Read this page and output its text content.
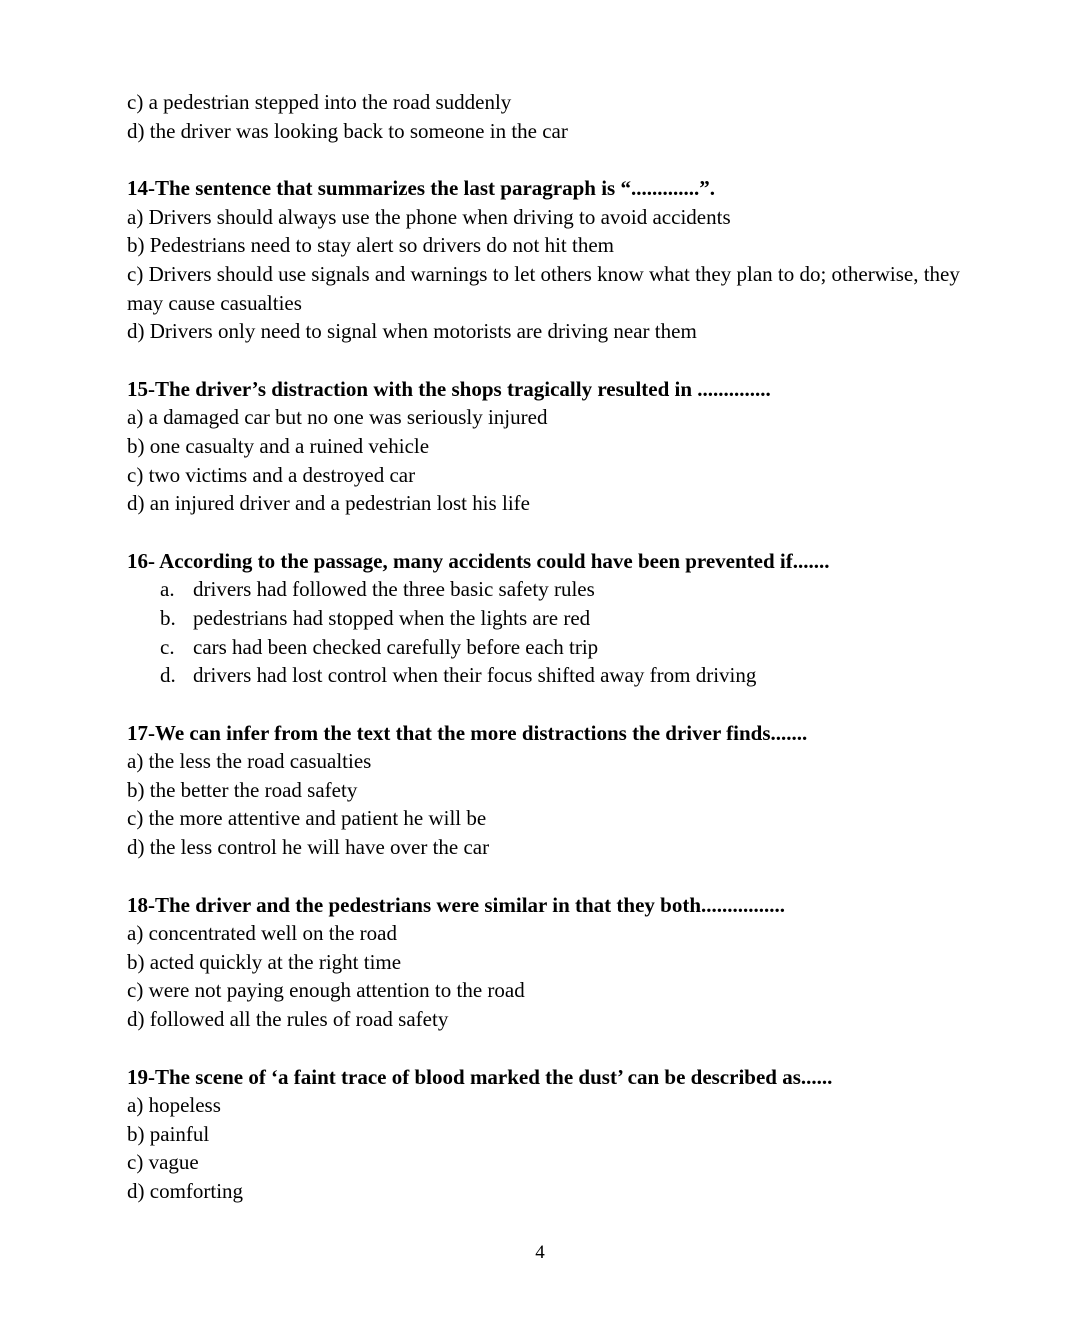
c) a pedestrian stepped into the road suddenly

d) the driver was looking back to someone in the car

14-The sentence that summarizes the last paragraph is “.............”.

a) Drivers should always use the phone when driving to avoid accidents

b) Pedestrians need to stay alert so drivers do not hit them

c) Drivers should use signals and warnings to let others know what they plan to do; otherwise, they may cause casualties

d) Drivers only need to signal when motorists are driving near them

15-The driver’s distraction with the shops tragically resulted in ..............

a) a damaged car but no one was seriously injured

b) one casualty and a ruined vehicle

c) two victims and a destroyed car

d) an injured driver and a pedestrian lost his life

16- According to the passage, many accidents could have been prevented if.......

a. drivers had followed the three basic safety rules

b. pedestrians had stopped when the lights are red

c. cars had been checked carefully before each trip

d. drivers had lost control when their focus shifted away from driving

17-We can infer from the text that the more distractions the driver finds.......

a) the less the road casualties

b) the better the road safety

c) the more attentive and patient he will be

d) the less control he will have over the car

18-The driver and the pedestrians were similar in that they both................

a) concentrated well on the road

b) acted quickly at the right time

c) were not paying enough attention to the road

d) followed all the rules of road safety

19-The scene of ‘a faint trace of blood marked the dust’ can be described as......

a) hopeless

b) painful

c) vague

d) comforting

4
